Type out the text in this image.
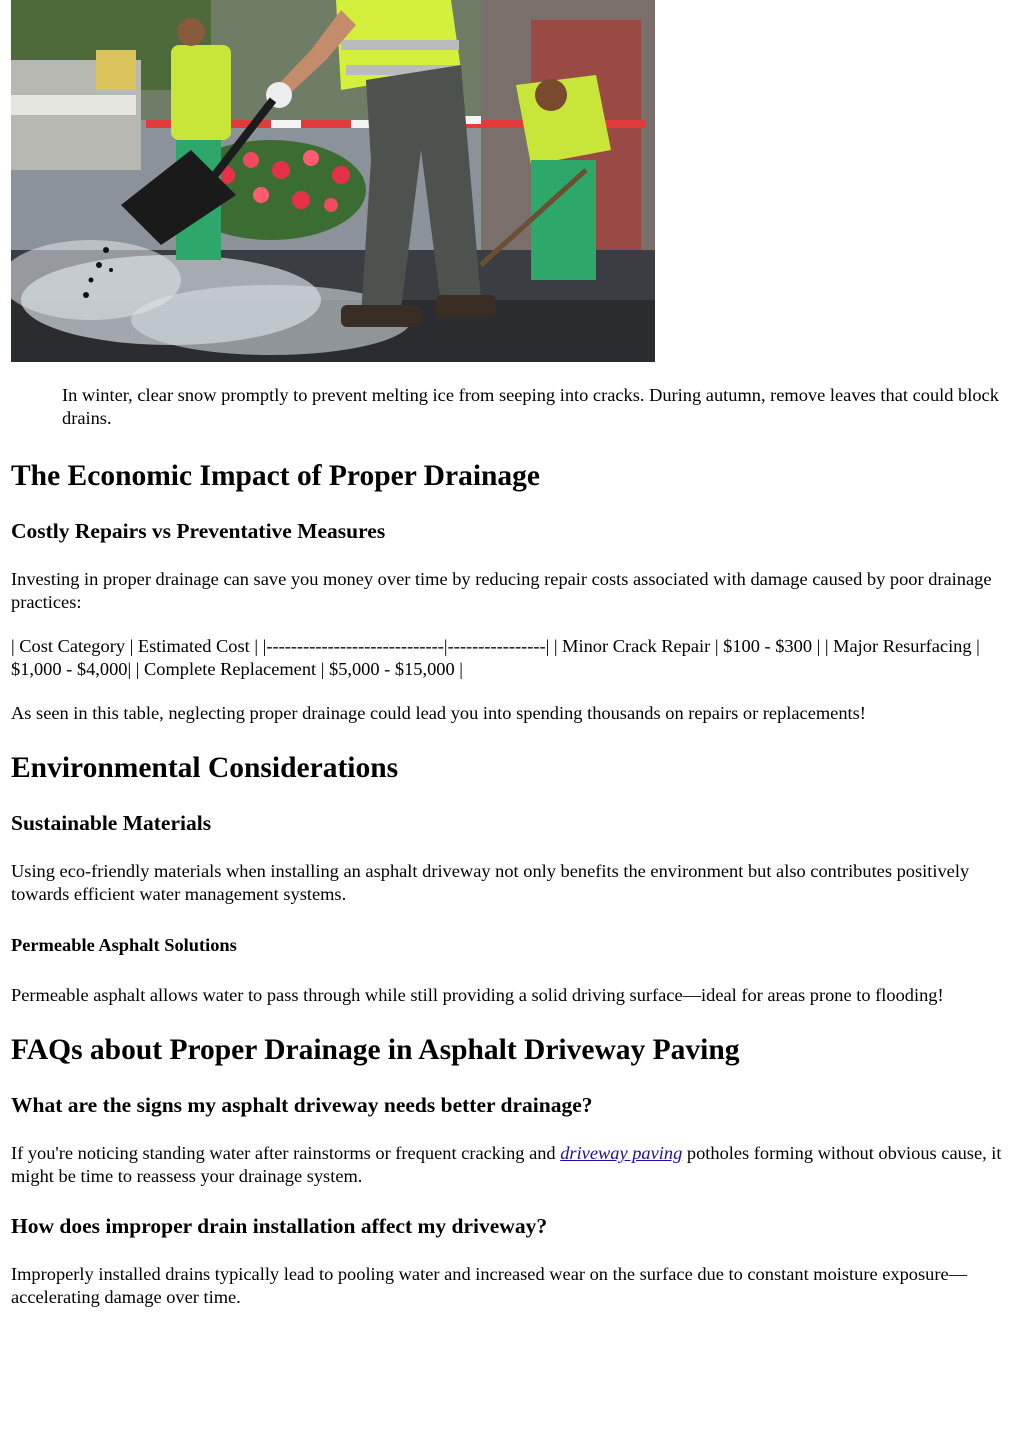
In winter, clear snow promptly to prevent melting ice from seeping into cracks. During autumn, remove leaves that could block drains.

The Economic Impact of Proper Drainage
Costly Repairs vs Preventative Measures

Investing in proper drainage can save you money over time by reducing repair costs associated with damage caused by poor drainage practices:

| Cost Category | Estimated Cost | |-----------------------------|----------------| | Minor Crack Repair | $100 - $300 | | Major Resurfacing | $1,000 - $4,000| | Complete Replacement | $5,000 - $15,000 |

As seen in this table, neglecting proper drainage could lead you into spending thousands on repairs or replacements!

Environmental Considerations
Sustainable Materials

Using eco-friendly materials when installing an asphalt driveway not only benefits the environment but also contributes positively towards efficient water management systems.

Permeable Asphalt Solutions

Permeable asphalt allows water to pass through while still providing a solid driving surface—ideal for areas prone to flooding!

FAQs about Proper Drainage in Asphalt Driveway Paving
What are the signs my asphalt driveway needs better drainage?

If you're noticing standing water after rainstorms or frequent cracking and driveway paving potholes forming without obvious cause, it might be time to reassess your drainage system.

How does improper drain installation affect my driveway?

Improperly installed drains typically lead to pooling water and increased wear on the surface due to constant moisture exposure—accelerating damage over time.
